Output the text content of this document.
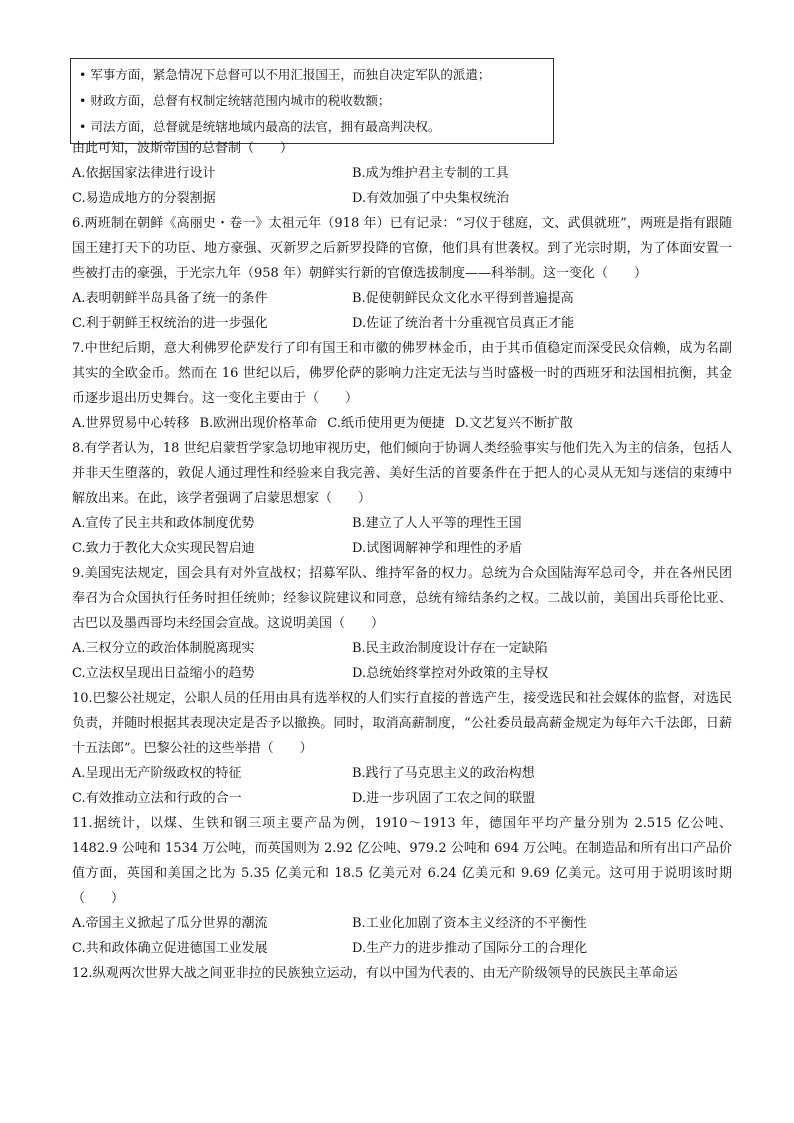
• 军事方面，紧急情况下总督可以不用汇报国王，而独自决定军队的派遣；
• 财政方面，总督有权制定统辖范围内城市的税收数额；
• 司法方面，总督就是统辖地域内最高的法官，拥有最高判决权。
由此可知，波斯帝国的总督制（　　）
A.依据国家法律进行设计	B.成为维护君主专制的工具
C.易造成地方的分裂割据	D.有效加强了中央集权统治
6.两班制在朝鲜《高丽史・卷一》太祖元年（918 年）已有记录：“习仪于毬庭，文、武俱就班”，两班是指有跟随国王建打天下的功臣、地方豪强、灭新罗之后新罗投降的官僚，他们具有世袭权。到了光宗时期，为了体面安置一些被打击的豪强，于光宗九年（958 年）朝鲜实行新的官僚选拔制度——科举制。这一变化（　　）
A.表明朝鲜半岛具备了统一的条件	B.促使朝鲜民众文化水平得到普遍提高
C.利于朝鲜王权统治的进一步强化	D.佐证了统治者十分重视官员真正才能
7.中世纪后期，意大利佛罗伦萨发行了印有国王和市徽的佛罗林金币，由于其币值稳定而深受民众信赖，成为名副其实的全欧金币。然而在 16 世纪以后，佛罗伦萨的影响力注定无法与当时盛极一时的西班牙和法国相抗衡，其金币逐步退出历史舞台。这一变化主要由于（　　）
A.世界贸易中心转移 B.欧洲出现价格革命 C.纸币使用更为便捷 D.文艺复兴不断扩散
8.有学者认为，18 世纪启蒙哲学家急切地审视历史，他们倾向于协调人类经验事实与他们先入为主的信条，包括人并非天生堕落的，敦促人通过理性和经验来自我完善、美好生活的首要条件在于把人的心灵从无知与迷信的束缚中解放出来。在此，该学者强调了启蒙思想家（　　）
A.宣传了民主共和政体制度优势	B.建立了人人平等的理性王国
C.致力于教化大众实现民智启迪	D.试图调解神学和理性的矛盾
9.美国宪法规定，国会具有对外宣战权；招募军队、维持军备的权力。总统为合众国陆海军总司令，并在各州民团奉召为合众国执行任务时担任统帅；经参议院建议和同意，总统有缔结条约之权。二战以前，美国出兵哥伦比亚、古巴以及墨西哥均未经国会宣战。这说明美国（　　）
A.三权分立的政治体制脱离现实	B.民主政治制度设计存在一定缺陷
C.立法权呈现出日益缩小的趋势	D.总统始终掌控对外政策的主导权
10.巴黎公社规定，公职人员的任用由具有选举权的人们实行直接的普选产生，接受选民和社会媒体的监督，对选民负责，并随时根据其表现决定是否予以撤换。同时，取消高薪制度，“公社委员最高薪金规定为每年六千法郎，日薪十五法郎”。巴黎公社的这些举措（　　）
A.呈现出无产阶级政权的特征	B.践行了马克思主义的政治构想
C.有效推动立法和行政的合一	D.进一步巩固了工农之间的联盟
11.据统计，以煤、生铁和钢三项主要产品为例，1910～1913 年，德国年平均产量分别为 2.515 亿公吨、1482.9 公吨和 1534 万公吨，而英国则为 2.92 亿公吨、979.2 公吨和 694 万公吨。在制造品和所有出口产品价值方面，英国和美国之比为 5.35 亿美元和 18.5 亿美元对 6.24 亿美元和 9.69 亿美元。这可用于说明该时期（　　）
A.帝国主义掀起了瓜分世界的潮流	B.工业化加剧了资本主义经济的不平衡性
C.共和政体确立促进德国工业发展	D.生产力的进步推动了国际分工的合理化
12.纵观两次世界大战之间亚非拉的民族独立运动，有以中国为代表的、由无产阶级领导的民族民主革命运
